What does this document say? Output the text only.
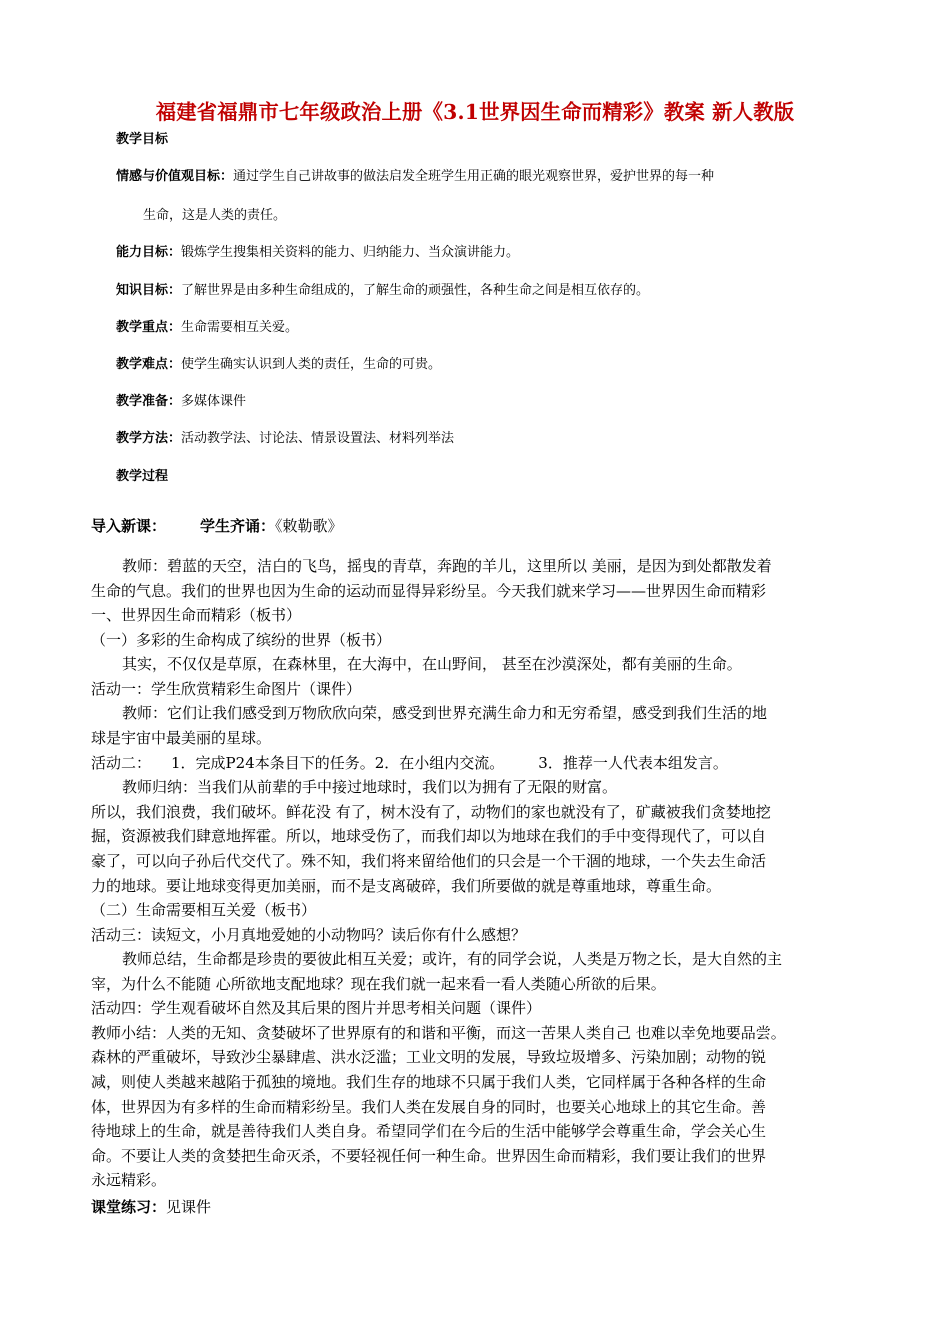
福建省福鼎市七年级政治上册《3.1世界因生命而精彩》教案 新人教版
教学目标
情感与价值观目标：通过学生自己讲故事的做法启发全班学生用正确的眼光观察世界，爱护世界的每一种
生命，这是人类的责任。
能力目标：锻炼学生搜集相关资料的能力、归纳能力、当众演讲能力。
知识目标：了解世界是由多种生命组成的，了解生命的顽强性，各种生命之间是相互依存的。
教学重点：生命需要相互关爱。
教学难点：使学生确实认识到人类的责任，生命的可贵。
教学准备：多媒体课件
教学方法：活动教学法、讨论法、情景设置法、材料列举法
教学过程
导入新课： 学生齐诵：《敕勒歌》
教师：碧蓝的天空，洁白的飞鸟，摇曳的青草，奔跑的羊儿，这里所以 美丽，是因为到处都散发着
生命的气息。我们的世界也因为生命的运动而显得异彩纷呈。今天我们就来学习——世界因生命而精彩
一、世界因生命而精彩（板书）
（一）多彩的生命构成了缤纷的世界（板书）
其实，不仅仅是草原，在森林里，在大海中，在山野间， 甚至在沙漠深处，都有美丽的生命。
活动一：学生欣赏精彩生命图片（课件）
教师：它们让我们感受到万物欣欣向荣，感受到世界充满生命力和无穷希望，感受到我们生活的地
球是宇宙中最美丽的星球。
活动二： 1．完成P24本条目下的任务。2．在小组内交流。 3．推荐一人代表本组发言。
教师归纳：当我们从前辈的手中接过地球时，我们以为拥有了无限的财富。
所以，我们浪费，我们破坏。鲜花没 有了，树木没有了，动物们的家也就没有了，矿藏被我们贪婪地挖
掘，资源被我们肆意地挥霍。所以，地球受伤了，而我们却以为地球在我们的手中变得现代了，可以自
豪了，可以向子孙后代交代了。殊不知，我们将来留给他们的只会是一个干涸的地球，一个失去生命活
力的地球。要让地球变得更加美丽，而不是支离破碎，我们所要做的就是尊重地球，尊重生命。
（二）生命需要相互关爱（板书）
活动三：读短文，小月真地爱她的小动物吗？读后你有什么感想？
教师总结，生命都是珍贵的要彼此相互关爱；或许，有的同学会说，人类是万物之长，是大自然的主
宰，为什么不能随 心所欲地支配地球？现在我们就一起来看一看人类随心所欲的后果。
活动四：学生观看破坏自然及其后果的图片并思考相关问题（课件）
教师小结：人类的无知、贪婪破坏了世界原有的和谐和平衡，而这一苦果人类自己 也难以幸免地要品尝。
森林的严重破坏，导致沙尘暴肆虐、洪水泛滥；工业文明的发展，导致垃圾增多、污染加剧；动物的锐
减，则使人类越来越陷于孤独的境地。我们生存的地球不只属于我们人类，它同样属于各种各样的生命
体，世界因为有多样的生命而精彩纷呈。我们人类在发展自身的同时，也要关心地球上的其它生命。善
待地球上的生命，就是善待我们人类自身。希望同学们在今后的生活中能够学会尊重生命，学会关心生
命。不要让人类的贪婪把生命灭杀，不要轻视任何一种生命。世界因生命而精彩，我们要让我们的世界
永远精彩。
课堂练习：见课件
